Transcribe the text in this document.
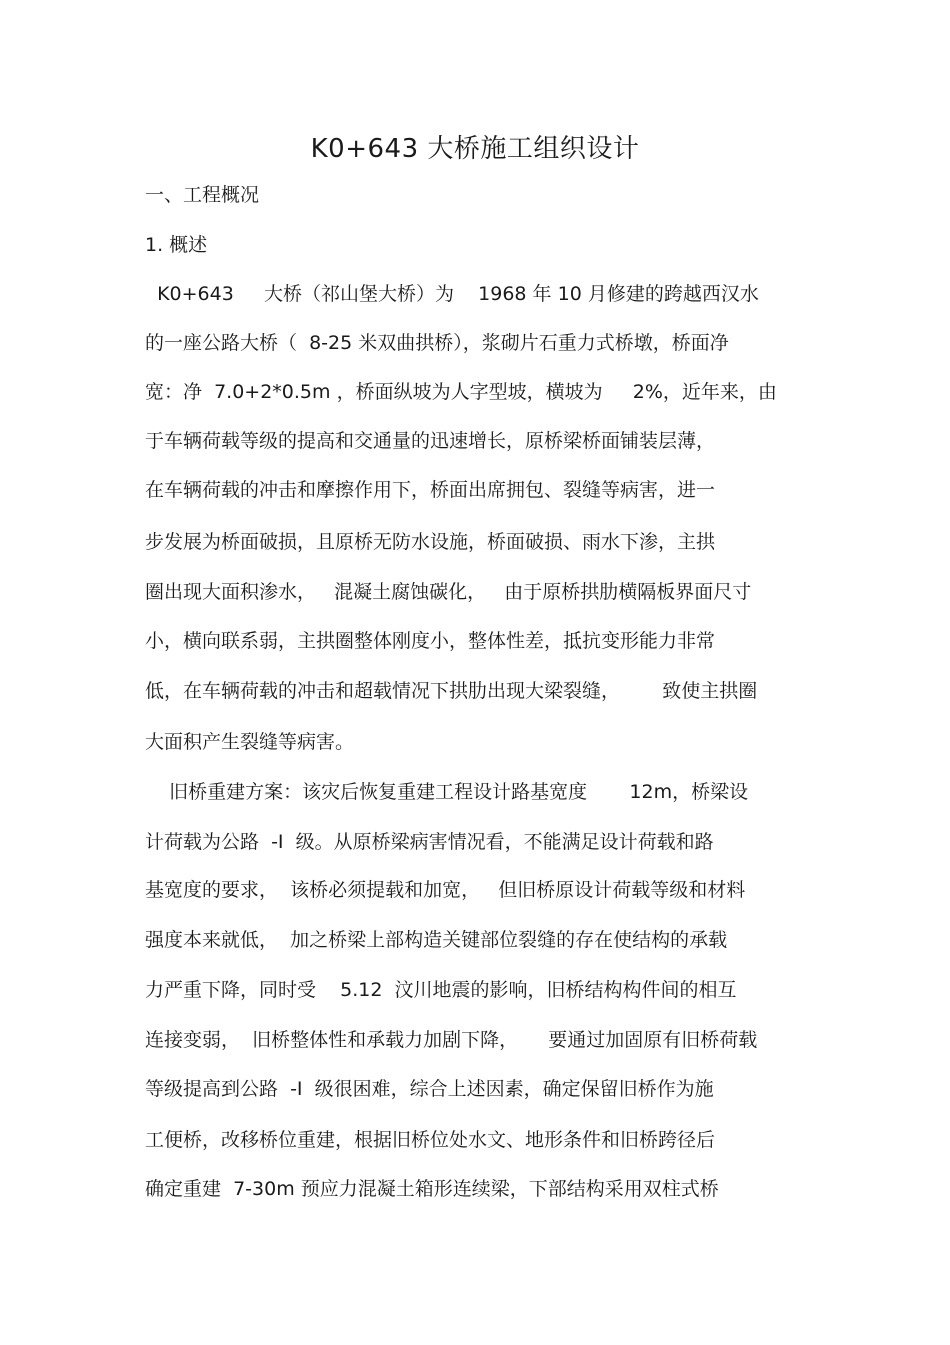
K0+643 大桥施工组织设计
一、工程概况
1. 概述
K0+643     大桥（祁山堡大桥）为    1968 年 10 月修建的跨越西汉水
的一座公路大桥（  8-25 米双曲拱桥），浆砌片石重力式桥墩，桥面净
宽：净  7.0+2*0.5m ，桥面纵坡为人字型坡，横坡为     2%，近年来，由
于车辆荷载等级的提高和交通量的迅速增长，原桥梁桥面铺装层薄，
在车辆荷载的冲击和摩擦作用下，桥面出席拥包、裂缝等病害，进一
步发展为桥面破损，且原桥无防水设施，桥面破损、雨水下渗，主拱
圈出现大面积渗水，   混凝土腐蚀碳化，   由于原桥拱肋横隔板界面尺寸
小，横向联系弱，主拱圈整体刚度小，整体性差，抵抗变形能力非常
低，在车辆荷载的冲击和超载情况下拱肋出现大梁裂缝，       致使主拱圈
大面积产生裂缝等病害。
旧桥重建方案：该灾后恢复重建工程设计路基宽度       12m，桥梁设
计荷载为公路  -I  级。从原桥梁病害情况看，不能满足设计荷载和路
基宽度的要求，  该桥必须提载和加宽，   但旧桥原设计荷载等级和材料
强度本来就低，  加之桥梁上部构造关键部位裂缝的存在使结构的承载
力严重下降，同时受    5.12  汶川地震的影响，旧桥结构构件间的相互
连接变弱，  旧桥整体性和承载力加剧下降，     要通过加固原有旧桥荷载
等级提高到公路  -I  级很困难，综合上述因素，确定保留旧桥作为施
工便桥，改移桥位重建，根据旧桥位处水文、地形条件和旧桥跨径后
确定重建  7-30m 预应力混凝土箱形连续梁，下部结构采用双柱式桥
